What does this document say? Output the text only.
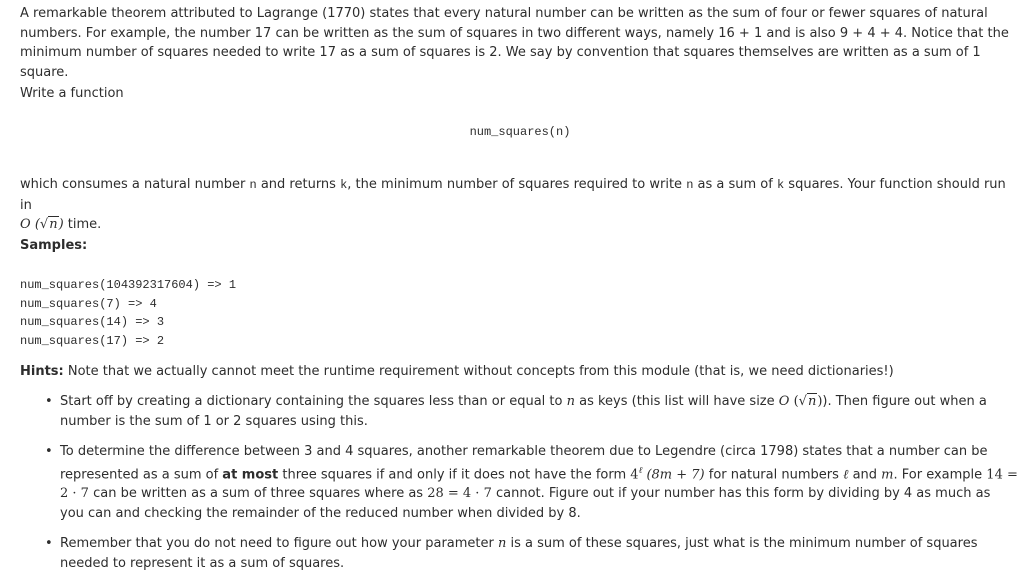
A remarkable theorem attributed to Lagrange (1770) states that every natural number can be written as the sum of four or fewer squares of natural numbers. For example, the number 17 can be written as the sum of squares in two different ways, namely 16 + 1 and is also 9 + 4 + 4. Notice that the minimum number of squares needed to write 17 as a sum of squares is 2. We say by convention that squares themselves are written as a sum of 1 square.

Write a function

num_squares(n)

which consumes a natural number n and returns k, the minimum number of squares required to write n as a sum of k squares. Your function should run in
O (√n) time.

Samples:

num_squares(104392317604) => 1
num_squares(7) => 4
num_squares(14) => 3
num_squares(17) => 2

Hints: Note that we actually cannot meet the runtime requirement without concepts from this module (that is, we need dictionaries!)

• Start off by creating a dictionary containing the squares less than or equal to n as keys (this list will have size O (√n)). Then figure out when a number is the sum of 1 or 2 squares using this.
• To determine the difference between 3 and 4 squares, another remarkable theorem due to Legendre (circa 1798) states that a number can be represented as a sum of at most three squares if and only if it does not have the form $4^\ell$ (8m + 7) for natural numbers ℓ and m. For example 14 = 2 · 7 can be written as a sum of three squares where as 28 = 4 · 7 cannot. Figure out if your number has this form by dividing by 4 as much as you can and checking the remainder of the reduced number when divided by 8.
• Remember that you do not need to figure out how your parameter n is a sum of these squares, just what is the minimum number of squares needed to represent it as a sum of squares.
